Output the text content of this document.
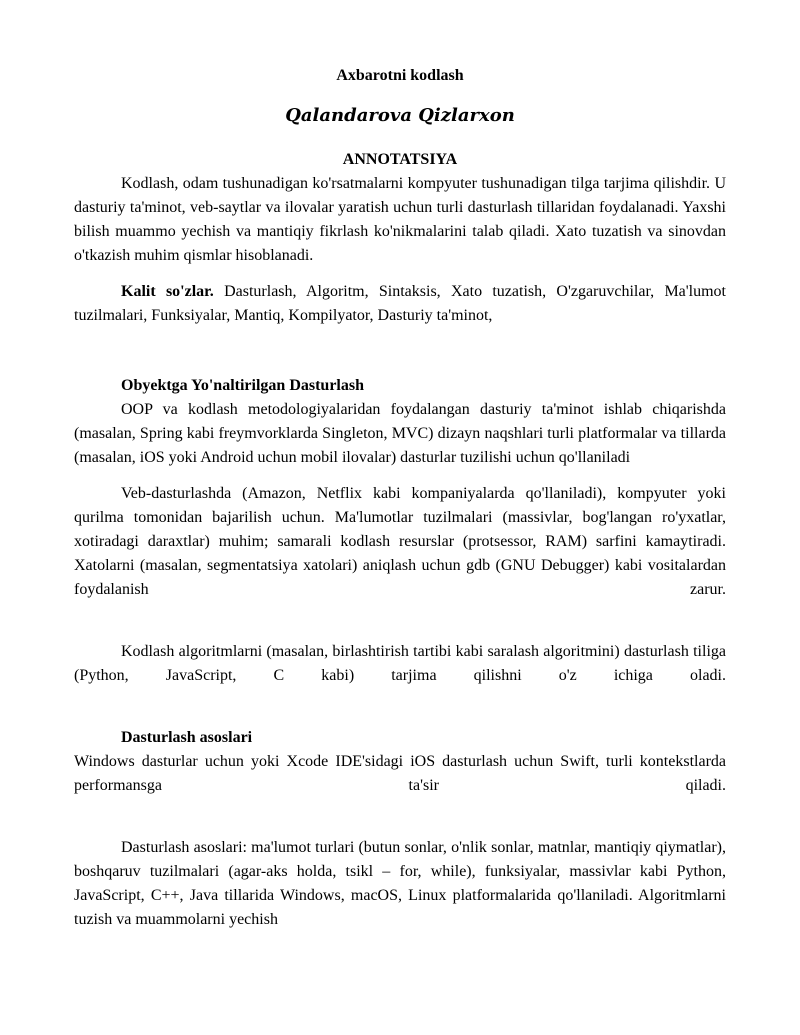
Axbarotni kodlash
Qalandarova Qizlarxon
ANNOTATSIYA

Kodlash, odam tushunadigan ko'rsatmalarni kompyuter tushunadigan tilga tarjima qilishdir. U dasturiy ta'minot, veb-saytlar va ilovalar yaratish uchun turli dasturlash tillaridan foydalanadi. Yaxshi bilish muammo yechish va mantiqiy fikrlash ko'nikmalarini talab qiladi. Xato tuzatish va sinovdan o'tkazish muhim qismlar hisoblanadi.

Kalit so'zlar. Dasturlash, Algoritm, Sintaksis, Xato tuzatish, O'zgaruvchilar, Ma'lumot tuzilmalari, Funksiyalar, Mantiq, Kompilyator, Dasturiy ta'minot,

Obyektga Yo'naltirilgan Dasturlash

OOP va kodlash metodologiyalaridan foydalangan dasturiy ta'minot ishlab chiqarishda (masalan, Spring kabi freymvorklarda Singleton, MVC) dizayn naqshlari turli platformalar va tillarda (masalan, iOS yoki Android uchun mobil ilovalar) dasturlar tuzilishi uchun qo'llaniladi

Veb-dasturlashda (Amazon, Netflix kabi kompaniyalarda qo'llaniladi), kompyuter yoki qurilma tomonidan bajarilish uchun. Ma'lumotlar tuzilmalari (massivlar, bog'langan ro'yxatlar, xotiradagi daraxtlar) muhim; samarali kodlash resurslar (protsessor, RAM) sarfini kamaytiradi. Xatolarni (masalan, segmentatsiya xatolari) aniqlash uchun gdb (GNU Debugger) kabi vositalardan foydalanish zarur.

Kodlash algoritmlarni (masalan, birlashtirish tartibi kabi saralash algoritmini) dasturlash tiliga (Python, JavaScript, C kabi) tarjima qilishni o'z ichiga oladi.

Dasturlash asoslari

Windows dasturlar uchun yoki Xcode IDE'sidagi iOS dasturlash uchun Swift, turli kontekstlarda performansga ta'sir qiladi.

Dasturlash asoslari: ma'lumot turlari (butun sonlar, o'nlik sonlar, matnlar, mantiqiy qiymatlar), boshqaruv tuzilmalari (agar-aks holda, tsikl – for, while), funksiyalar, massivlar kabi Python, JavaScript, C++, Java tillarida Windows, macOS, Linux platformalarida qo'llaniladi. Algoritmlarni tuzish va muammolarni yechish
